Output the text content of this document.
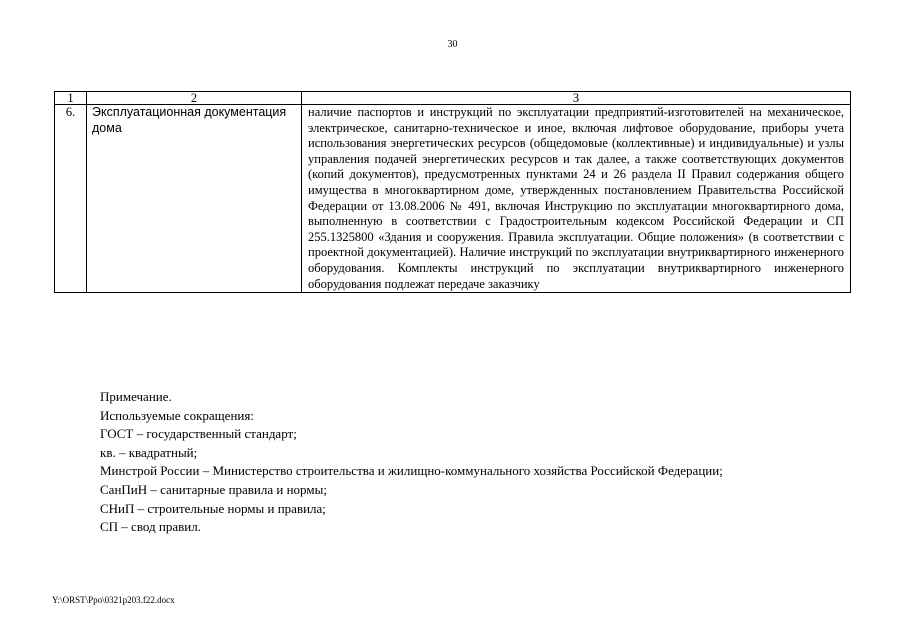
30
1	2	3
6.	Эксплуатационная документация дома	наличие паспортов и инструкций по эксплуатации предприятий-изготовителей на механическое, электрическое, санитарно-техническое и иное, включая лифтовое оборудование, приборы учета использования энергетических ресурсов (общедомовые (коллективные) и индивидуальные) и узлы управления подачей энергетических ресурсов и так далее, а также соответствующих документов (копий документов), предусмотренных пунктами 24 и 26 раздела II Правил содержания общего имущества в многоквартирном доме, утвержденных постановлением Правительства Российской Федерации от 13.08.2006 № 491, включая Инструкцию по эксплуатации многоквартирного дома, выполненную в соответствии с Градостроительным кодексом Российской Федерации и СП 255.1325800 «Здания и сооружения. Правила эксплуатации. Общие положения» (в соответствии с проектной документацией). Наличие инструкций по эксплуатации внутриквартирного инженерного оборудования. Комплекты инструкций по эксплуатации внутриквартирного инженерного оборудования подлежат передаче заказчику
Примечание.
Используемые сокращения:
ГОСТ – государственный стандарт;
кв. – квадратный;
Минстрой России – Министерство строительства и жилищно-коммунального хозяйства Российской Федерации;
СанПиН – санитарные правила и нормы;
СНиП – строительные нормы и правила;
СП – свод правил.
Y:\ORST\Ppo\0321p203.f22.docx
